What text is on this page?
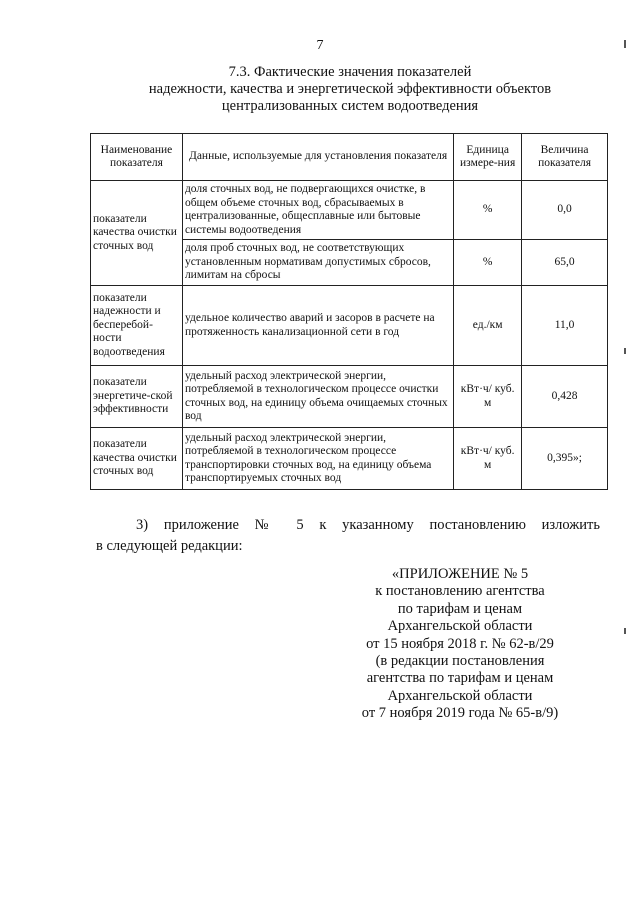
7
7.3. Фактические значения показателей
надежности, качества и энергетической эффективности объектов
централизованных систем водоотведения
Наименование показателя	Данные, используемые для установления показателя	Единица измере-ния	Величина показателя
показатели качества очистки сточных вод	доля сточных вод, не подвергающихся очистке, в общем объеме сточных вод, сбрасываемых в централизованные, общесплавные или бытовые системы водоотведения	%	0,0
	доля проб сточных вод, не соответствующих установленным нормативам допустимых сбросов, лимитам на сбросы	%	65,0
показатели надежности и бесперебой-ности водоотведения	удельное количество аварий и засоров в расчете на протяженность канализационной сети в год	ед./км	11,0
показатели энергетиче-ской эффективности	удельный расход электрической энергии, потребляемой в технологическом процессе очистки сточных вод, на единицу объема очищаемых сточных вод	кВт·ч/ куб. м	0,428
показатели качества очистки сточных вод	удельный расход электрической энергии, потребляемой в технологическом процессе транспортировки сточных вод, на единицу объема транспортируемых сточных вод	кВт·ч/ куб. м	0,395»;
3) приложение № 5 к указанному постановлению изложить
в следующей редакции:
«ПРИЛОЖЕНИЕ № 5
к постановлению агентства
по тарифам и ценам
Архангельской области
от 15 ноября 2018 г. № 62-в/29
(в редакции постановления
агентства по тарифам и ценам
Архангельской области
от 7 ноября 2019 года № 65-в/9)
